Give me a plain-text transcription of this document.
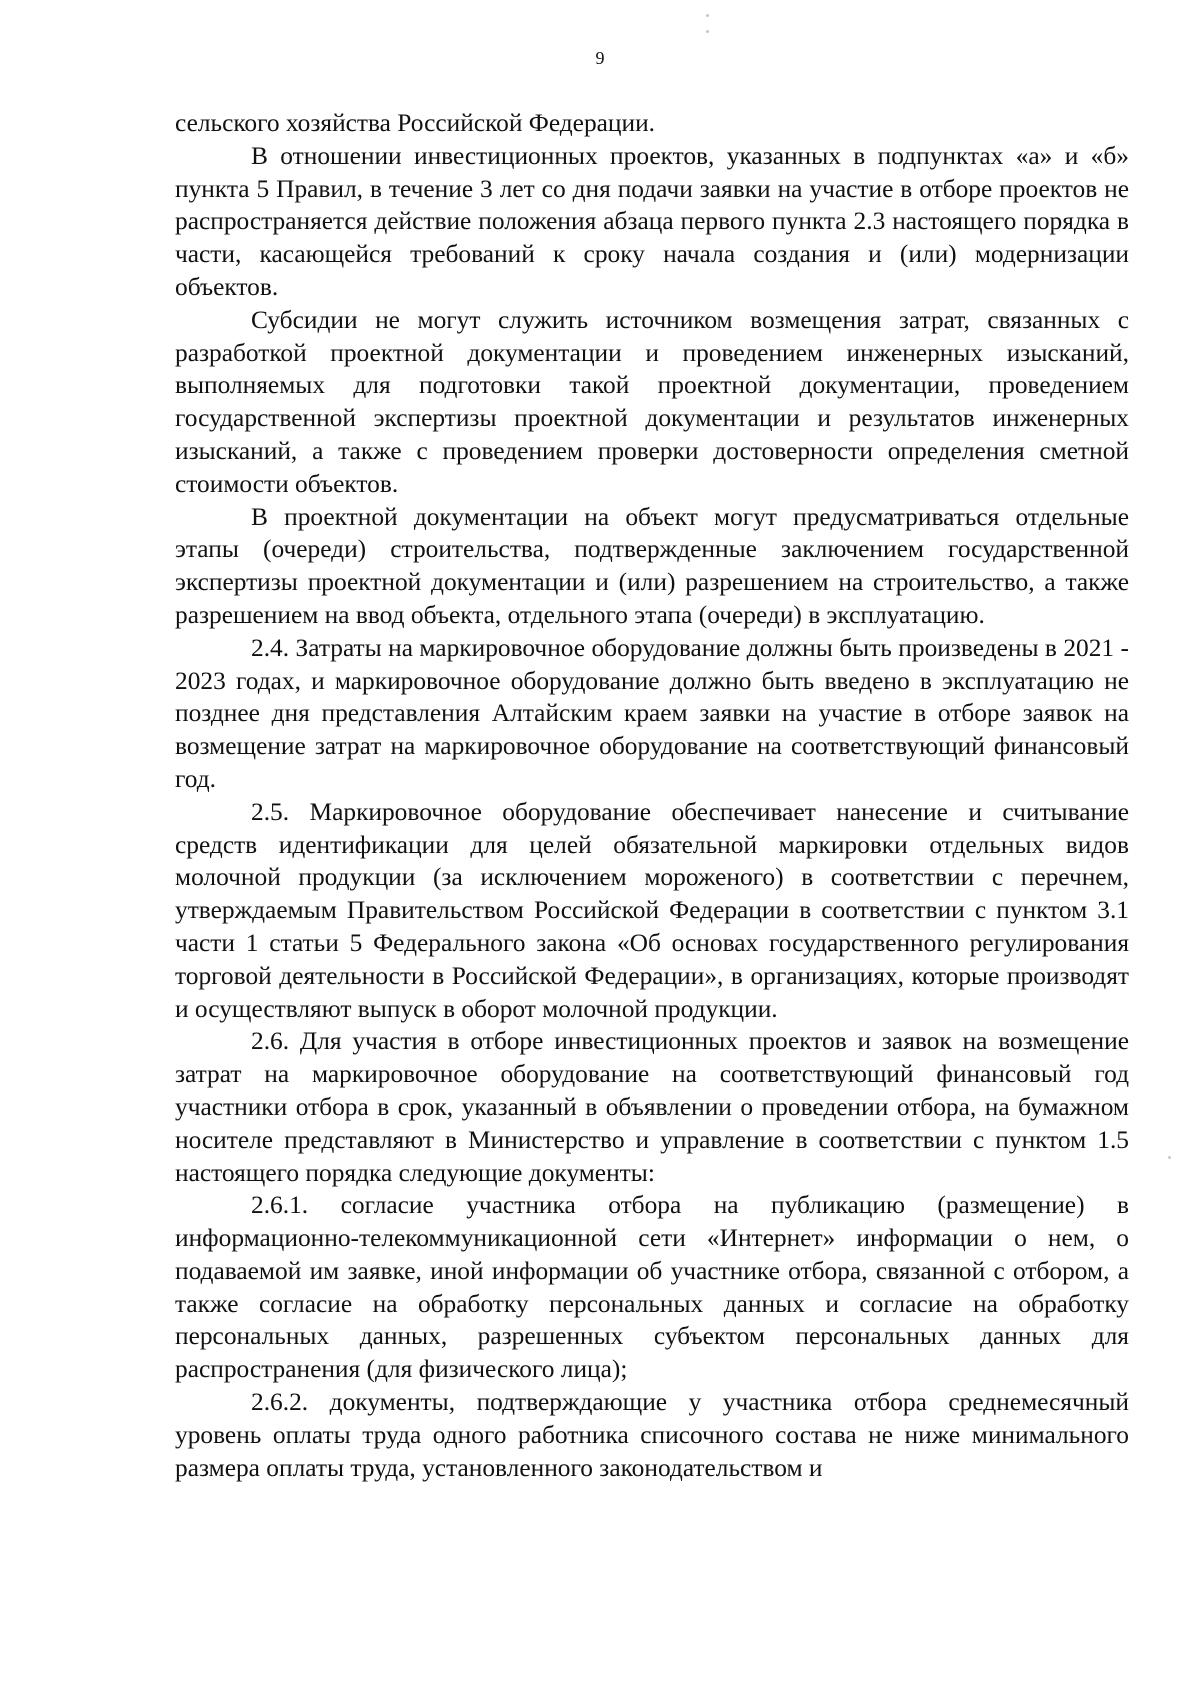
9

сельского хозяйства Российской Федерации.

В отношении инвестиционных проектов, указанных в подпунктах «а» и «б» пункта 5 Правил, в течение 3 лет со дня подачи заявки на участие в отборе проектов не распространяется действие положения абзаца первого пункта 2.3 настоящего порядка в части, касающейся требований к сроку начала создания и (или) модернизации объектов.

Субсидии не могут служить источником возмещения затрат, связанных с разработкой проектной документации и проведением инженерных изысканий, выполняемых для подготовки такой проектной документации, проведением государственной экспертизы проектной документации и результатов инженерных изысканий, а также с проведением проверки достоверности определения сметной стоимости объектов.

В проектной документации на объект могут предусматриваться отдельные этапы (очереди) строительства, подтвержденные заключением государственной экспертизы проектной документации и (или) разрешением на строительство, а также разрешением на ввод объекта, отдельного этапа (очереди) в эксплуатацию.

2.4. Затраты на маркировочное оборудование должны быть произведены в 2021 - 2023 годах, и маркировочное оборудование должно быть введено в эксплуатацию не позднее дня представления Алтайским краем заявки на участие в отборе заявок на возмещение затрат на маркировочное оборудование на соответствующий финансовый год.

2.5. Маркировочное оборудование обеспечивает нанесение и считывание средств идентификации для целей обязательной маркировки отдельных видов молочной продукции (за исключением мороженого) в соответствии с перечнем, утверждаемым Правительством Российской Федерации в соответствии с пунктом 3.1 части 1 статьи 5 Федерального закона «Об основах государственного регулирования торговой деятельности в Российской Федерации», в организациях, которые производят и осуществляют выпуск в оборот молочной продукции.

2.6. Для участия в отборе инвестиционных проектов и заявок на возмещение затрат на маркировочное оборудование на соответствующий финансовый год участники отбора в срок, указанный в объявлении о проведении отбора, на бумажном носителе представляют в Министерство и управление в соответствии с пунктом 1.5 настоящего порядка следующие документы:

2.6.1. согласие участника отбора на публикацию (размещение) в информационно-телекоммуникационной сети «Интернет» информации о нем, о подаваемой им заявке, иной информации об участнике отбора, связанной с отбором, а также согласие на обработку персональных данных и согласие на обработку персональных данных, разрешенных субъектом персональных данных для распространения (для физического лица);

2.6.2. документы, подтверждающие у участника отбора среднемесячный уровень оплаты труда одного работника списочного состава не ниже минимального размера оплаты труда, установленного законодательством и
